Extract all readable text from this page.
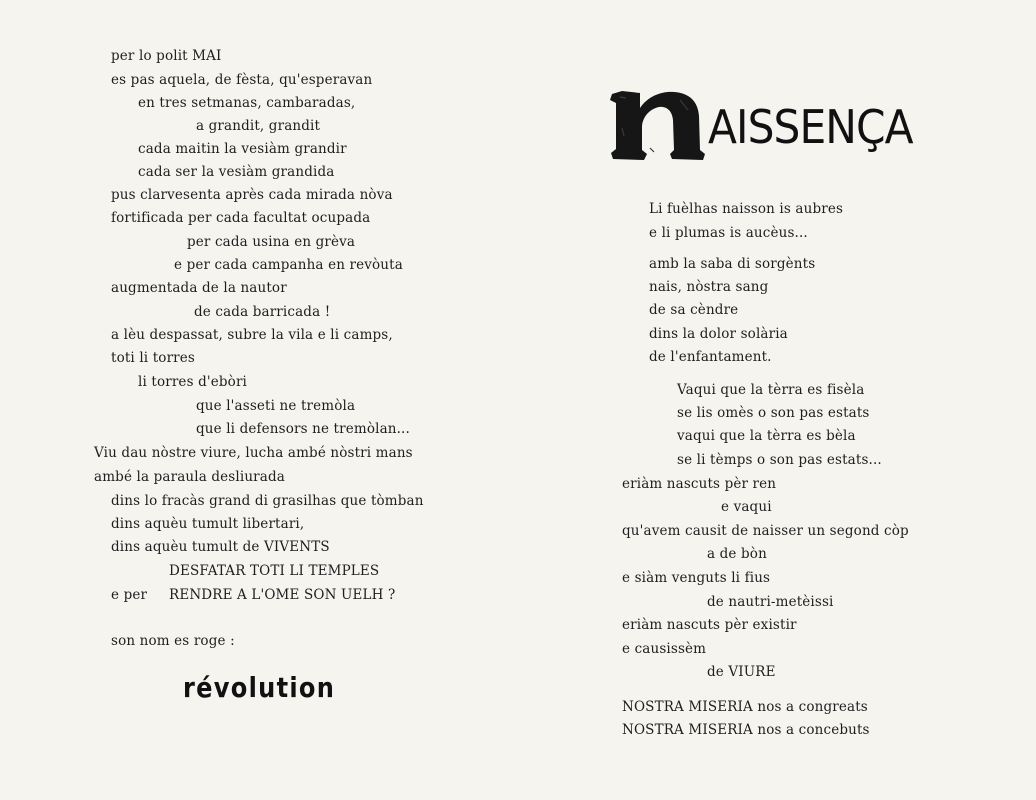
per lo polit MAI
es pas aquela, de fèsta, qu'esperavan
en tres setmanas, cambaradas,
a grandit, grandit
cada maitin la vesiàm grandir
cada ser la vesiàm grandida
pus clarvesenta après cada mirada nòva
fortificada per cada facultat ocupada
per cada usina en grèva
e per cada campanha en revòuta
augmentada de la nautor
de cada barricada !
a lèu despassat, subre la vila e li camps,
toti li torres
li torres d'ebòri
que l'asseti ne tremòla
que li defensors ne tremòlan...
Viu dau nòstre viure, lucha ambé nòstri mans
ambé la paraula desliurada
dins lo fracàs grand di grasilhas que tòmban
dins aquèu tumult libertari,
dins aquèu tumult de VIVENTS
DESFATAR TOTI LI TEMPLES
e per RENDRE A L'OME SON UELH ?
son nom es roge :
révolution
AISSENÇA
Li fuèlhas naisson is aubres
e li plumas is aucèus...
amb la saba di sorgènts
nais, nòstra sang
de sa cèndre
dins la dolor solària
de l'enfantament.
Vaqui que la tèrra es fisèla
se lis omès o son pas estats
vaqui que la tèrra es bèla
se li tèmps o son pas estats...
eriàm nascuts pèr ren
e vaqui
qu'avem causit de naisser un segond còp
a de bòn
e siàm venguts li fius
de nautri-metèissi
eriàm nascuts pèr existir
e causissèm
de VIURE
NOSTRA MISERIA nos a congreats
NOSTRA MISERIA nos a concebuts
